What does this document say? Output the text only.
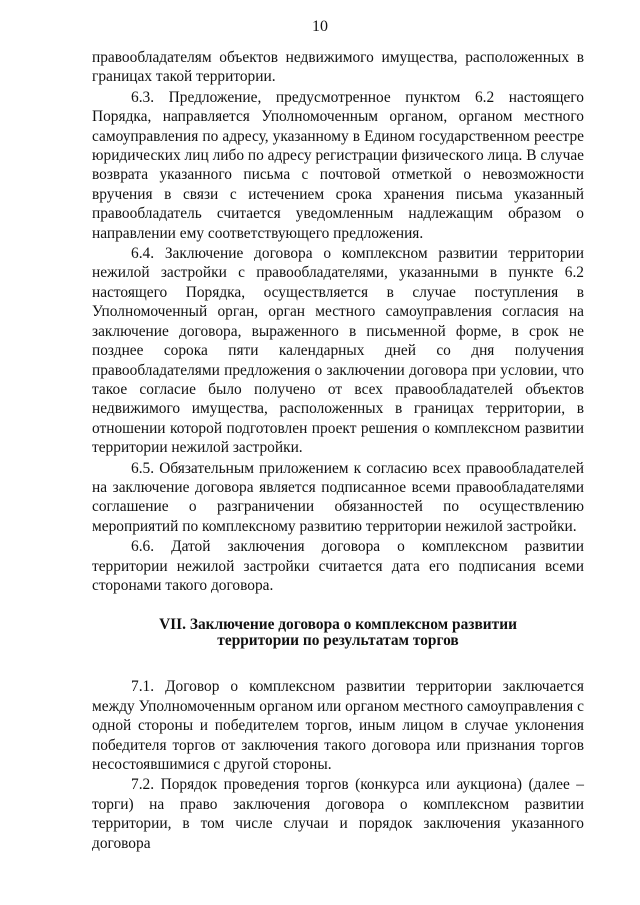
10

правообладателям объектов недвижимого имущества, расположенных в границах такой территории.

6.3. Предложение, предусмотренное пунктом 6.2 настоящего Порядка, направляется Уполномоченным органом, органом местного самоуправления по адресу, указанному в Едином государственном реестре юридических лиц либо по адресу регистрации физического лица. В случае возврата указанного письма с почтовой отметкой о невозможности вручения в связи с истечением срока хранения письма указанный правообладатель считается уведомленным надлежащим образом о направлении ему соответствующего предложения.

6.4. Заключение договора о комплексном развитии территории нежилой застройки с правообладателями, указанными в пункте 6.2 настоящего Порядка, осуществляется в случае поступления в Уполномоченный орган, орган местного самоуправления согласия на заключение договора, выраженного в письменной форме, в срок не позднее сорока пяти календарных дней со дня получения правообладателями предложения о заключении договора при условии, что такое согласие было получено от всех правообладателей объектов недвижимого имущества, расположенных в границах территории, в отношении которой подготовлен проект решения о комплексном развитии территории нежилой застройки.

6.5. Обязательным приложением к согласию всех правообладателей на заключение договора является подписанное всеми правообладателями соглашение о разграничении обязанностей по осуществлению мероприятий по комплексному развитию территории нежилой застройки.

6.6. Датой заключения договора о комплексном развитии территории нежилой застройки считается дата его подписания всеми сторонами такого договора.

VII. Заключение договора о комплексном развитии
территории по результатам торгов

7.1. Договор о комплексном развитии территории заключается между Уполномоченным органом или органом местного самоуправления с одной стороны и победителем торгов, иным лицом в случае уклонения победителя торгов от заключения такого договора или признания торгов несостоявшимися с другой стороны.

7.2. Порядок проведения торгов (конкурса или аукциона) (далее – торги) на право заключения договора о комплексном развитии территории, в том числе случаи и порядок заключения указанного договора
